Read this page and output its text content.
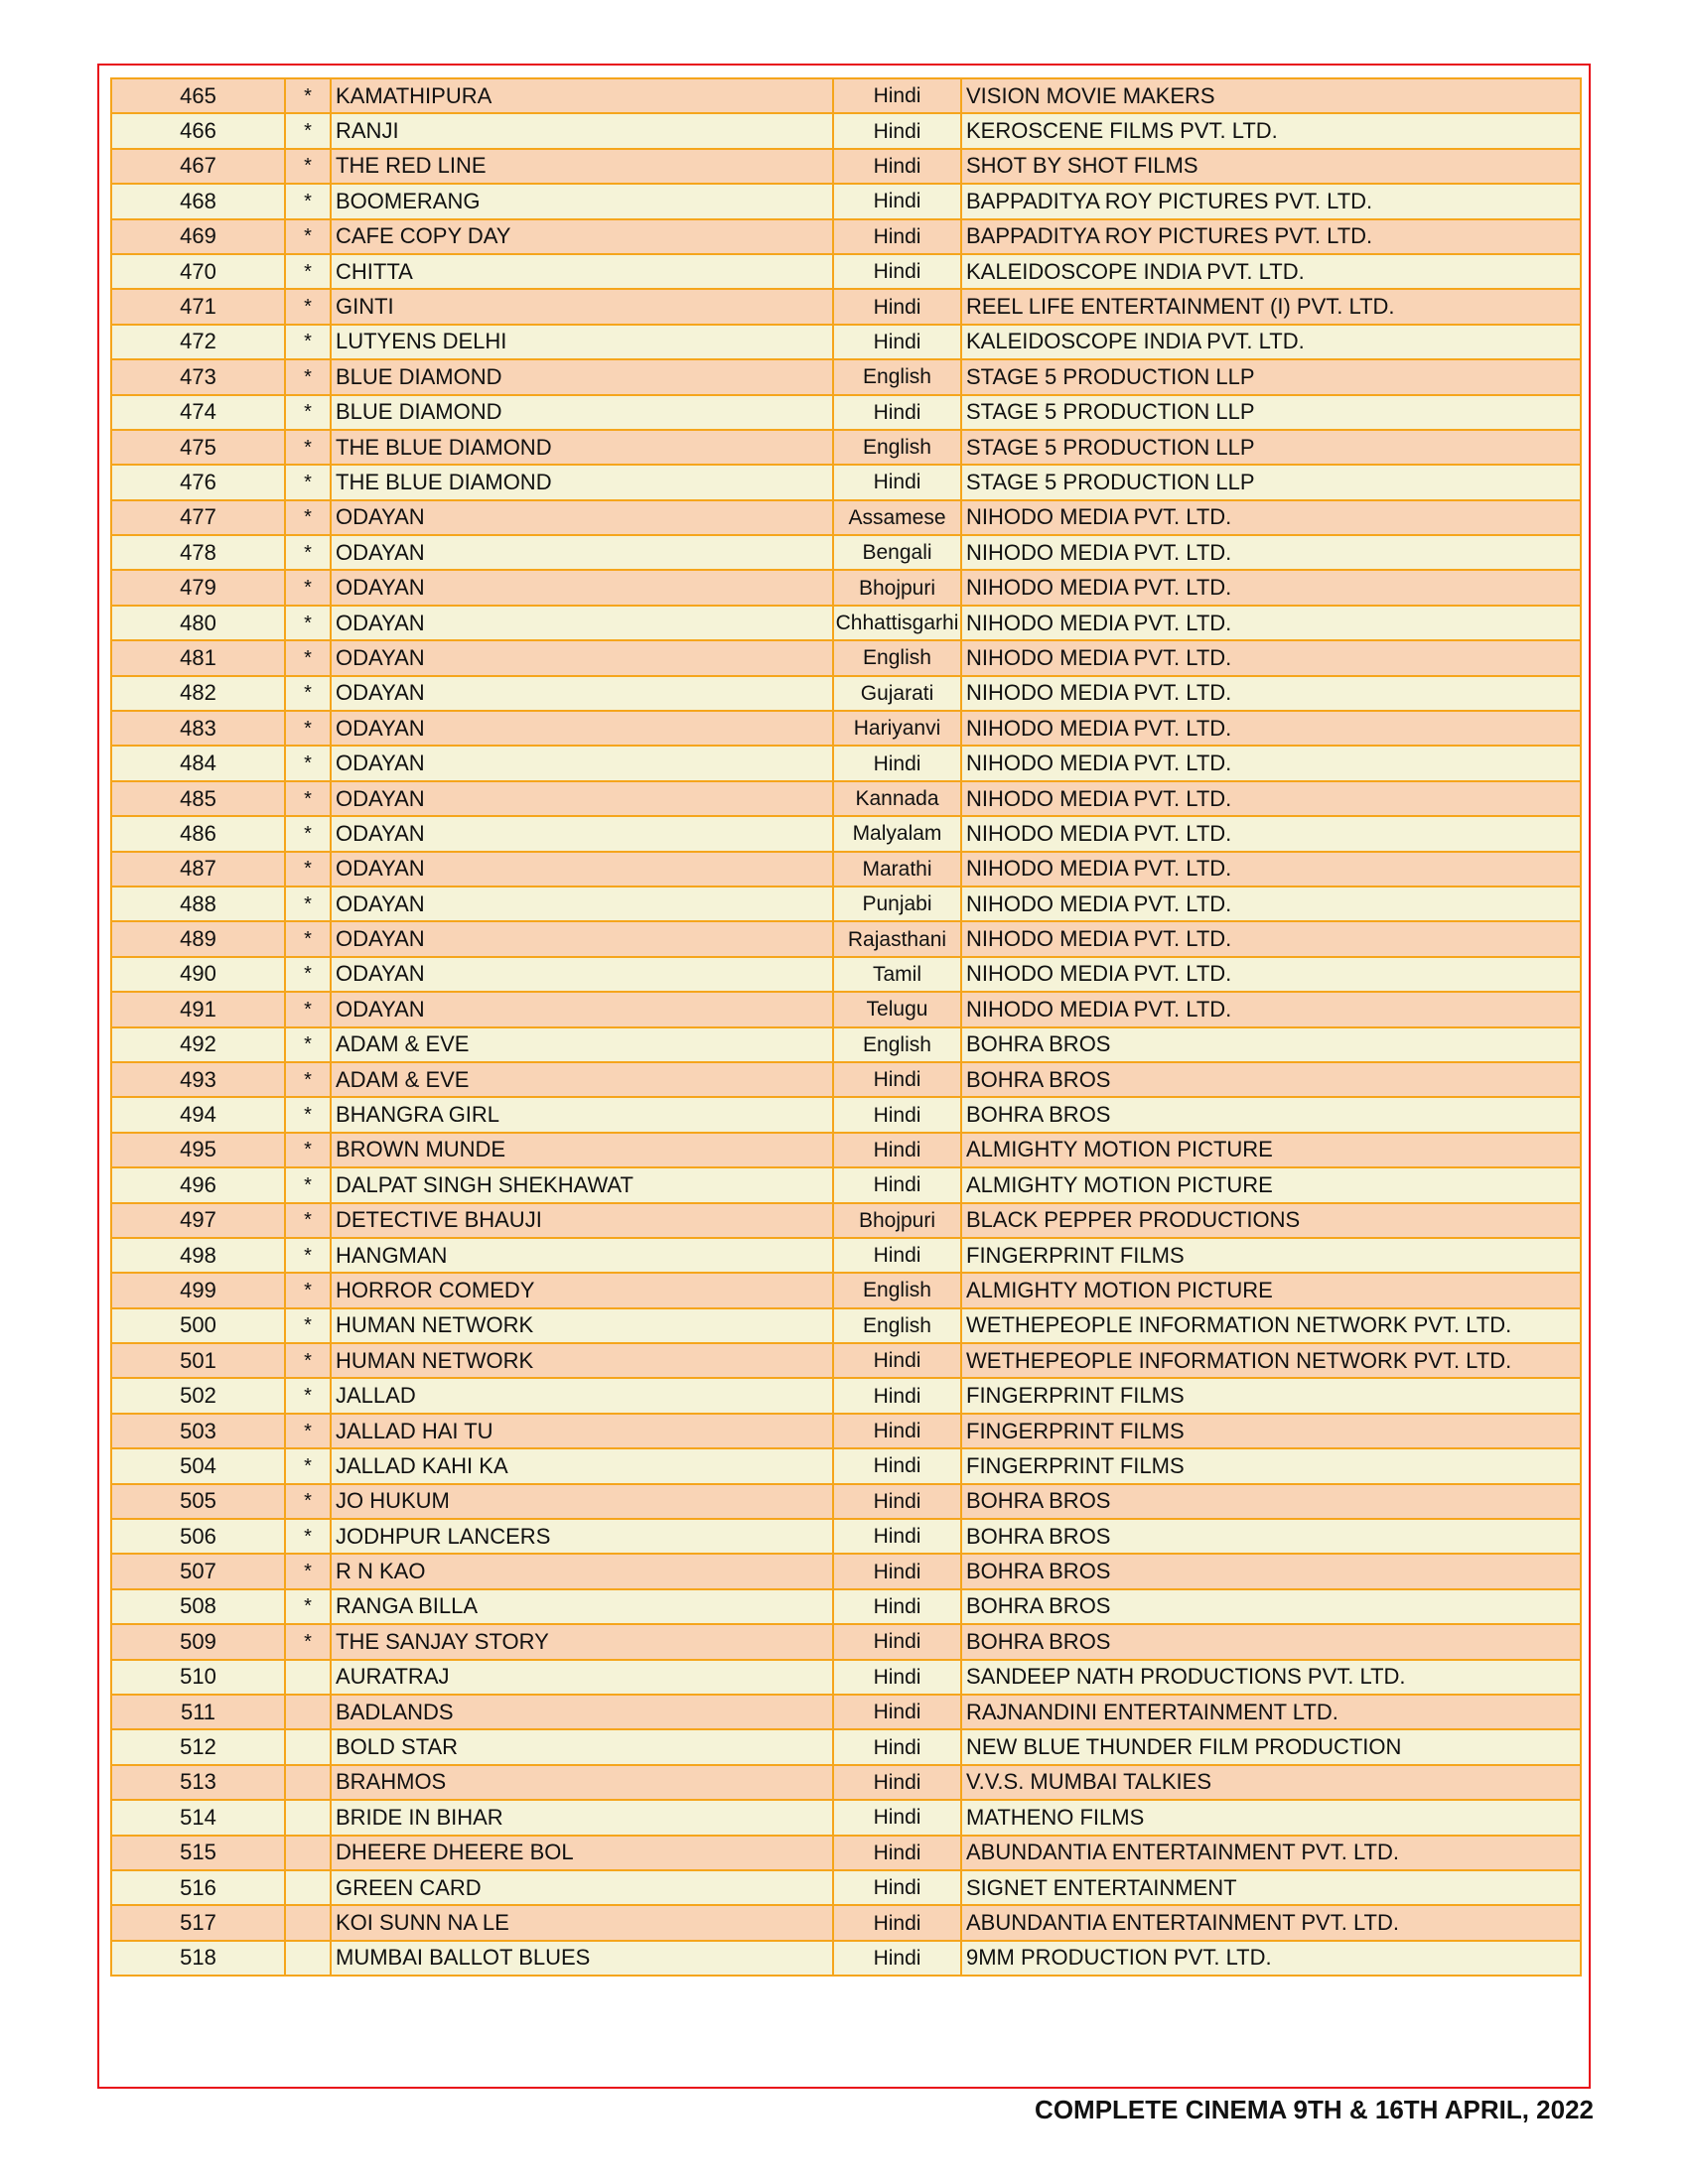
465	*	KAMATHIPURA	Hindi	VISION MOVIE MAKERS
466	*	RANJI	Hindi	KEROSCENE FILMS PVT. LTD.
467	*	THE RED LINE	Hindi	SHOT BY SHOT FILMS
468	*	BOOMERANG	Hindi	BAPPADITYA ROY PICTURES PVT. LTD.
469	*	CAFE COPY DAY	Hindi	BAPPADITYA ROY PICTURES PVT. LTD.
470	*	CHITTA	Hindi	KALEIDOSCOPE INDIA PVT. LTD.
471	*	GINTI	Hindi	REEL LIFE ENTERTAINMENT (I) PVT. LTD.
472	*	LUTYENS DELHI	Hindi	KALEIDOSCOPE INDIA PVT. LTD.
473	*	BLUE DIAMOND	English	STAGE 5 PRODUCTION LLP
474	*	BLUE DIAMOND	Hindi	STAGE 5 PRODUCTION LLP
475	*	THE BLUE DIAMOND	English	STAGE 5 PRODUCTION LLP
476	*	THE BLUE DIAMOND	Hindi	STAGE 5 PRODUCTION LLP
477	*	ODAYAN	Assamese	NIHODO MEDIA PVT. LTD.
478	*	ODAYAN	Bengali	NIHODO MEDIA PVT. LTD.
479	*	ODAYAN	Bhojpuri	NIHODO MEDIA PVT. LTD.
480	*	ODAYAN	Chhattisgarhi	NIHODO MEDIA PVT. LTD.
481	*	ODAYAN	English	NIHODO MEDIA PVT. LTD.
482	*	ODAYAN	Gujarati	NIHODO MEDIA PVT. LTD.
483	*	ODAYAN	Hariyanvi	NIHODO MEDIA PVT. LTD.
484	*	ODAYAN	Hindi	NIHODO MEDIA PVT. LTD.
485	*	ODAYAN	Kannada	NIHODO MEDIA PVT. LTD.
486	*	ODAYAN	Malyalam	NIHODO MEDIA PVT. LTD.
487	*	ODAYAN	Marathi	NIHODO MEDIA PVT. LTD.
488	*	ODAYAN	Punjabi	NIHODO MEDIA PVT. LTD.
489	*	ODAYAN	Rajasthani	NIHODO MEDIA PVT. LTD.
490	*	ODAYAN	Tamil	NIHODO MEDIA PVT. LTD.
491	*	ODAYAN	Telugu	NIHODO MEDIA PVT. LTD.
492	*	ADAM & EVE	English	BOHRA BROS
493	*	ADAM & EVE	Hindi	BOHRA BROS
494	*	BHANGRA GIRL	Hindi	BOHRA BROS
495	*	BROWN MUNDE	Hindi	ALMIGHTY MOTION PICTURE
496	*	DALPAT SINGH SHEKHAWAT	Hindi	ALMIGHTY MOTION PICTURE
497	*	DETECTIVE BHAUJI	Bhojpuri	BLACK PEPPER PRODUCTIONS
498	*	HANGMAN	Hindi	FINGERPRINT FILMS
499	*	HORROR COMEDY	English	ALMIGHTY MOTION PICTURE
500	*	HUMAN NETWORK	English	WETHEPEOPLE INFORMATION NETWORK PVT. LTD.
501	*	HUMAN NETWORK	Hindi	WETHEPEOPLE INFORMATION NETWORK PVT. LTD.
502	*	JALLAD	Hindi	FINGERPRINT FILMS
503	*	JALLAD HAI TU	Hindi	FINGERPRINT FILMS
504	*	JALLAD KAHI KA	Hindi	FINGERPRINT FILMS
505	*	JO HUKUM	Hindi	BOHRA BROS
506	*	JODHPUR LANCERS	Hindi	BOHRA BROS
507	*	R N KAO	Hindi	BOHRA BROS
508	*	RANGA BILLA	Hindi	BOHRA BROS
509	*	THE SANJAY STORY	Hindi	BOHRA BROS
510		AURATRAJ	Hindi	SANDEEP NATH PRODUCTIONS PVT. LTD.
511		BADLANDS	Hindi	RAJNANDINI ENTERTAINMENT LTD.
512		BOLD STAR	Hindi	NEW BLUE THUNDER FILM PRODUCTION
513		BRAHMOS	Hindi	V.V.S. MUMBAI TALKIES
514		BRIDE IN BIHAR	Hindi	MATHENO FILMS
515		DHEERE DHEERE BOL	Hindi	ABUNDANTIA ENTERTAINMENT PVT. LTD.
516		GREEN CARD	Hindi	SIGNET ENTERTAINMENT
517		KOI SUNN NA LE	Hindi	ABUNDANTIA ENTERTAINMENT PVT. LTD.
518		MUMBAI BALLOT BLUES	Hindi	9MM PRODUCTION PVT. LTD.
COMPLETE CINEMA 9TH & 16TH APRIL, 2022
